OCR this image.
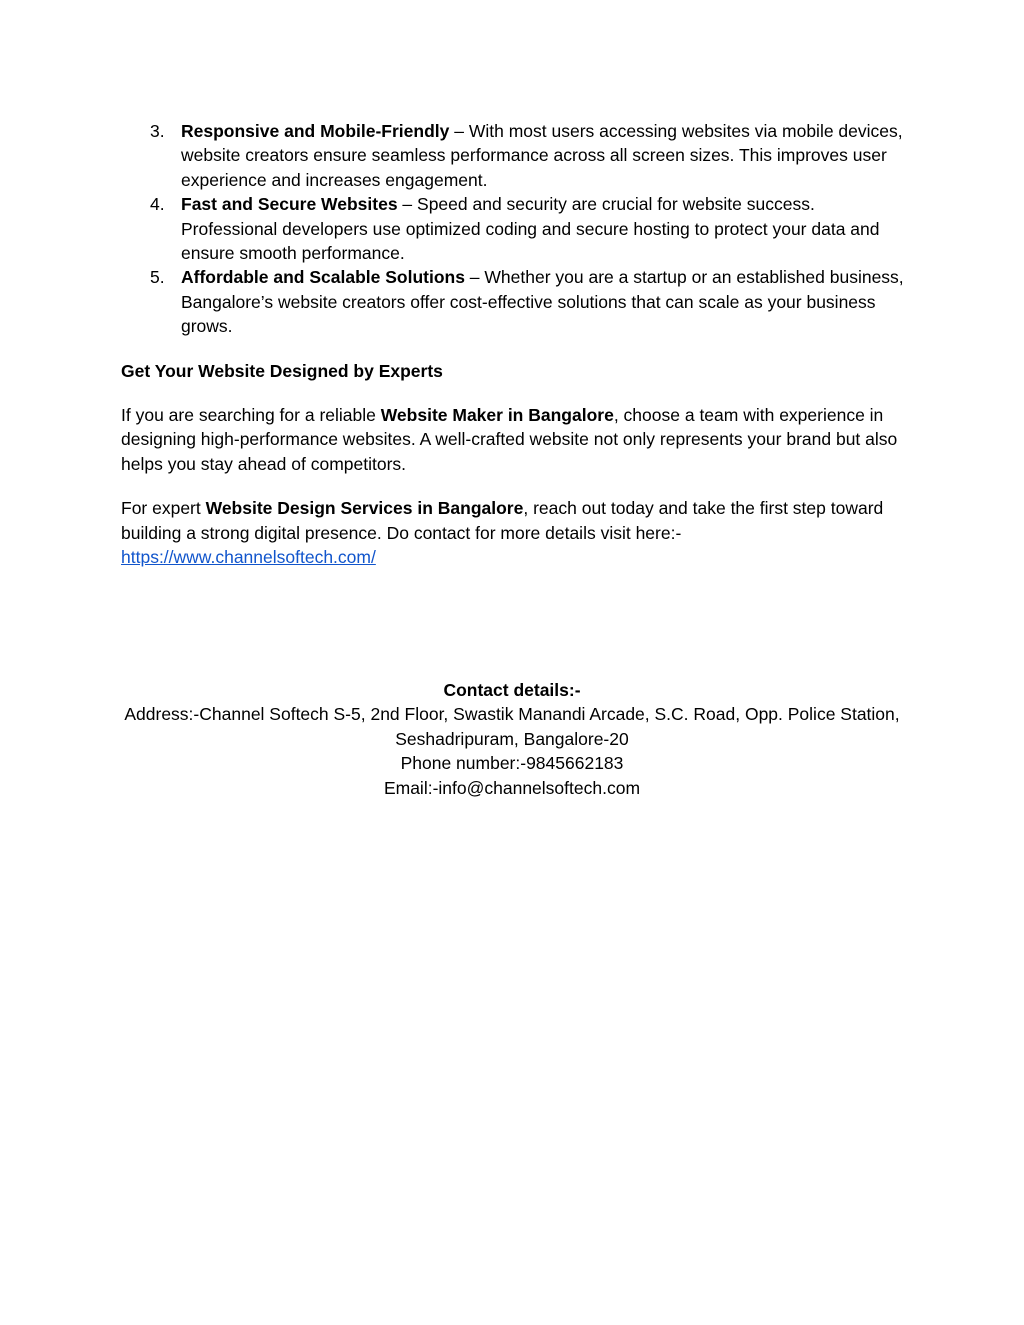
3. Responsive and Mobile-Friendly – With most users accessing websites via mobile devices, website creators ensure seamless performance across all screen sizes. This improves user experience and increases engagement.
4. Fast and Secure Websites – Speed and security are crucial for website success. Professional developers use optimized coding and secure hosting to protect your data and ensure smooth performance.
5. Affordable and Scalable Solutions – Whether you are a startup or an established business, Bangalore’s website creators offer cost-effective solutions that can scale as your business grows.

Get Your Website Designed by Experts

If you are searching for a reliable Website Maker in Bangalore, choose a team with experience in designing high-performance websites. A well-crafted website not only represents your brand but also helps you stay ahead of competitors.

For expert Website Design Services in Bangalore, reach out today and take the first step toward building a strong digital presence. Do contact for more details visit here:-https://www.channelsoftech.com/

Contact details:-
Address:-Channel Softech S-5, 2nd Floor, Swastik Manandi Arcade, S.C. Road, Opp. Police Station, Seshadripuram, Bangalore-20
Phone number:-9845662183
Email:-info@channelsoftech.com
